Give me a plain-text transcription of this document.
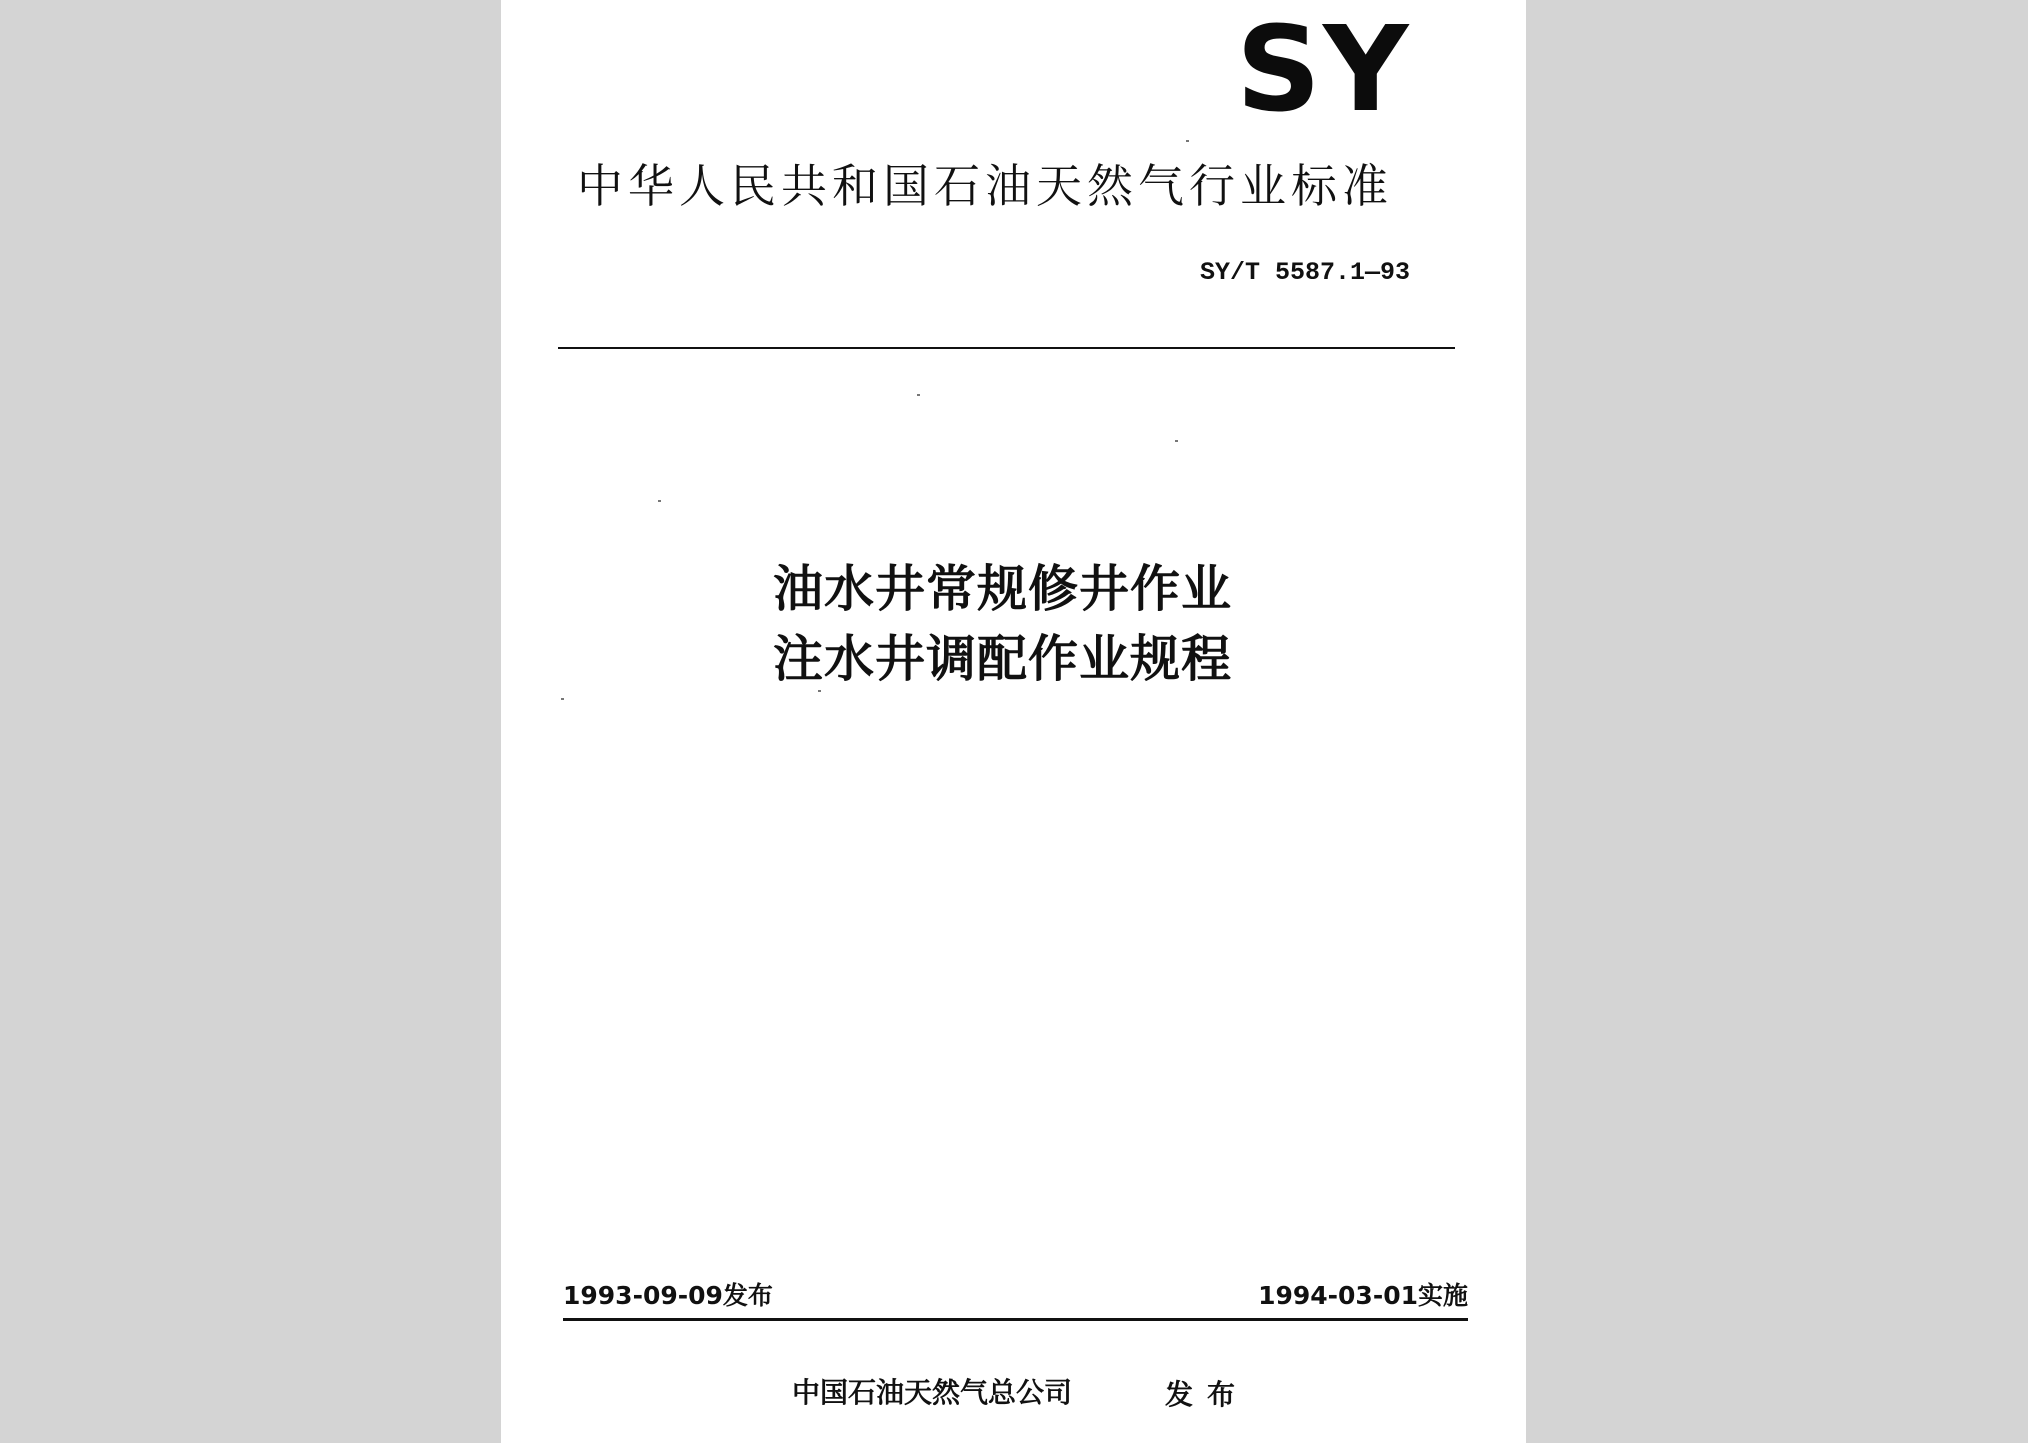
SY
中华人民共和国石油天然气行业标准
SY/T 5587.1—93
油水井常规修井作业
注水井调配作业规程
1993-09-09发布	1994-03-01实施
中国石油天然气总公司	发布
